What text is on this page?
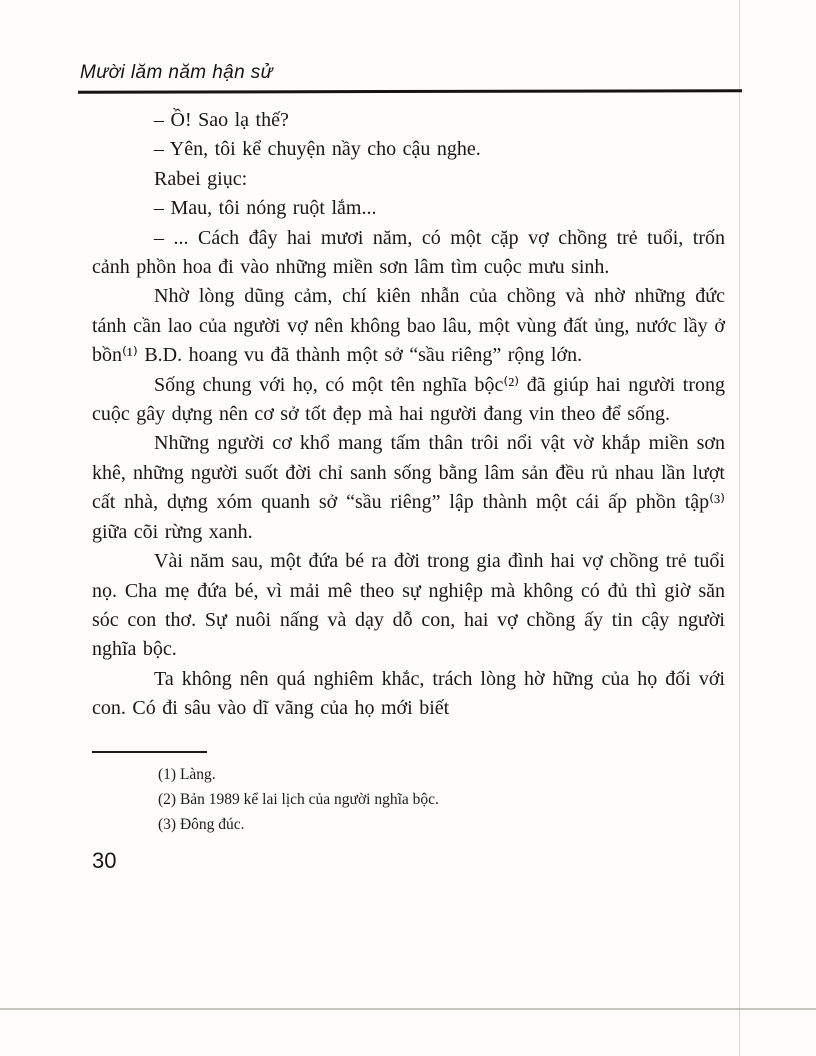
Mười lăm năm hận sử

– Ồ! Sao lạ thế?

– Yên, tôi kể chuyện nầy cho cậu nghe.

Rabei giục:

– Mau, tôi nóng ruột lắm...

– ... Cách đây hai mươi năm, có một cặp vợ chồng trẻ tuổi, trốn cảnh phồn hoa đi vào những miền sơn lâm tìm cuộc mưu sinh.

Nhờ lòng dũng cảm, chí kiên nhẫn của chồng và nhờ những đức tánh cần lao của người vợ nên không bao lâu, một vùng đất ủng, nước lầy ở bồn⁽¹⁾ B.D. hoang vu đã thành một sở “sầu riêng” rộng lớn.

Sống chung với họ, có một tên nghĩa bộc⁽²⁾ đã giúp hai người trong cuộc gây dựng nên cơ sở tốt đẹp mà hai người đang vin theo để sống.

Những người cơ khổ mang tấm thân trôi nổi vật vờ khắp miền sơn khê, những người suốt đời chỉ sanh sống bằng lâm sản đều rủ nhau lần lượt cất nhà, dựng xóm quanh sở “sầu riêng” lập thành một cái ấp phồn tập⁽³⁾ giữa cõi rừng xanh.

Vài năm sau, một đứa bé ra đời trong gia đình hai vợ chồng trẻ tuổi nọ. Cha mẹ đứa bé, vì mải mê theo sự nghiệp mà không có đủ thì giờ săn sóc con thơ. Sự nuôi nấng và dạy dỗ con, hai vợ chồng ấy tin cậy người nghĩa bộc.

Ta không nên quá nghiêm khắc, trách lòng hờ hững của họ đối với con. Có đi sâu vào dĩ vãng của họ mới biết

(1) Làng.

(2) Bản 1989 kể lai lịch của người nghĩa bộc.

(3) Đông đúc.

30
